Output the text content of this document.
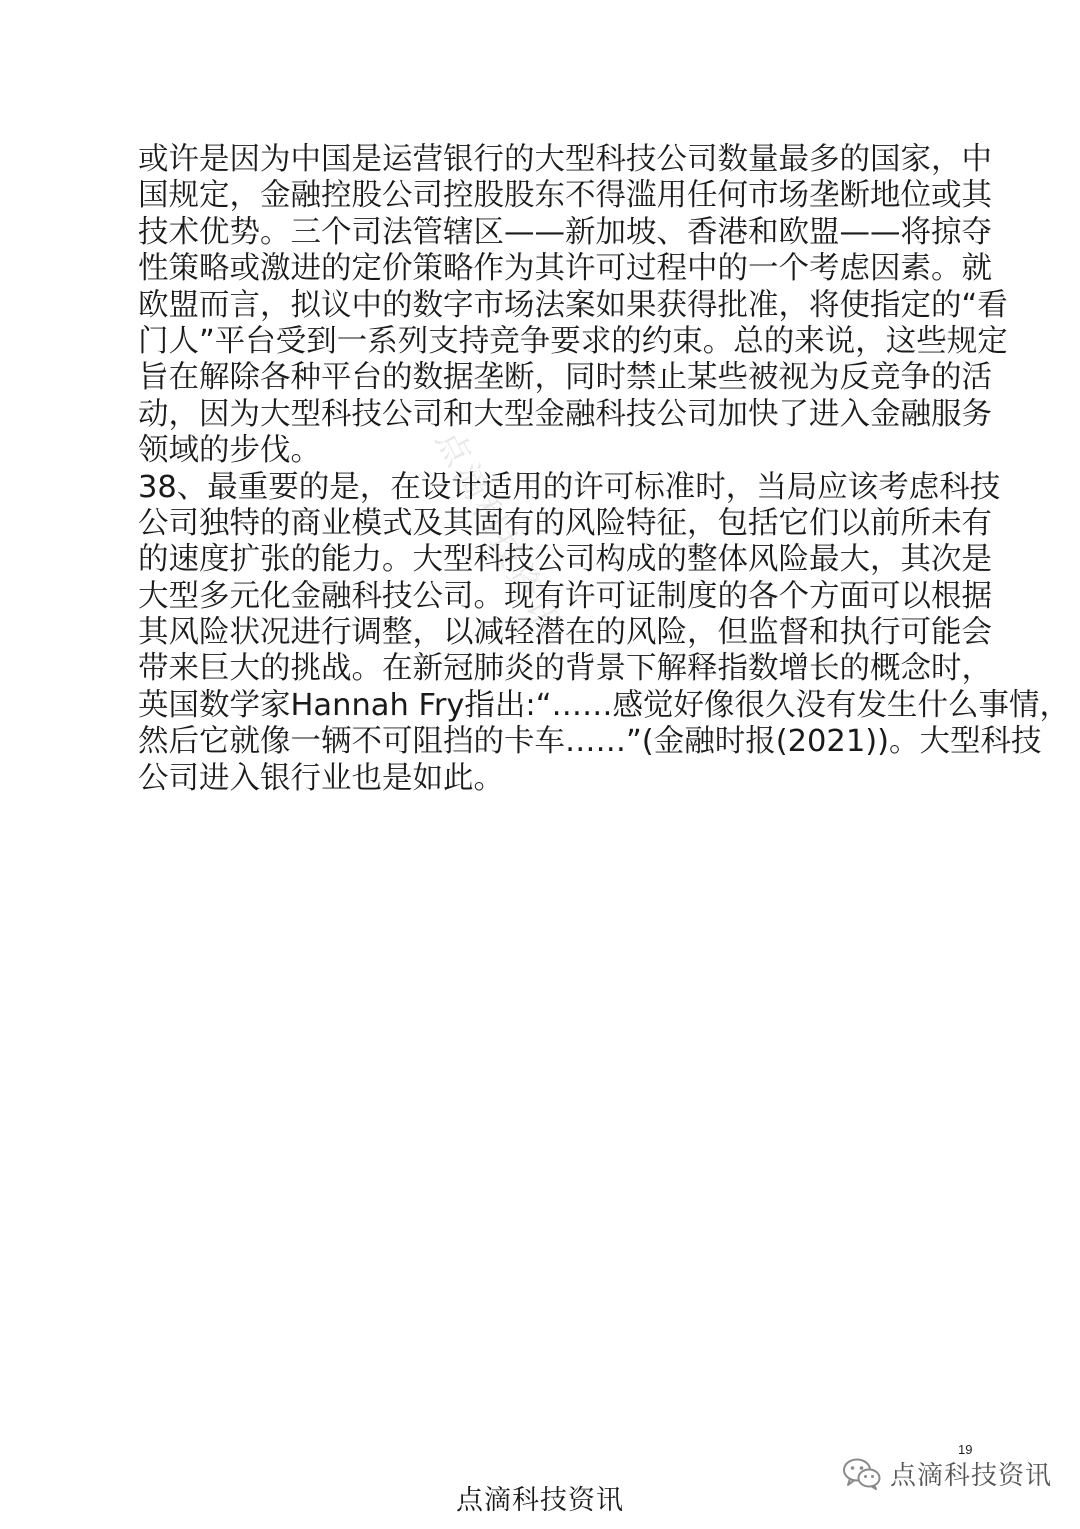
或许是因为中国是运营银行的大型科技公司数量最多的国家，中
国规定，金融控股公司控股股东不得滥用任何市场垄断地位或其
技术优势。三个司法管辖区——新加坡、香港和欧盟——将掠夺
性策略或激进的定价策略作为其许可过程中的一个考虑因素。就
欧盟而言，拟议中的数字市场法案如果获得批准，将使指定的“看
门人”平台受到一系列支持竞争要求的约束。总的来说，这些规定
旨在解除各种平台的数据垄断，同时禁止某些被视为反竞争的活
动，因为大型科技公司和大型金融科技公司加快了进入金融服务
领域的步伐。
38、最重要的是，在设计适用的许可标准时，当局应该考虑科技
公司独特的商业模式及其固有的风险特征，包括它们以前所未有
的速度扩张的能力。大型科技公司构成的整体风险最大，其次是
大型多元化金融科技公司。现有许可证制度的各个方面可以根据
其风险状况进行调整，以减轻潜在的风险，但监督和执行可能会
带来巨大的挑战。在新冠肺炎的背景下解释指数增长的概念时，
英国数学家Hannah Fry指出:“……感觉好像很久没有发生什么事情，
然后它就像一辆不可阻挡的卡车……”(金融时报(2021))。大型科技
公司进入银行业也是如此。
点滴科技资讯
19
点滴科技资讯
点滴科技资讯
